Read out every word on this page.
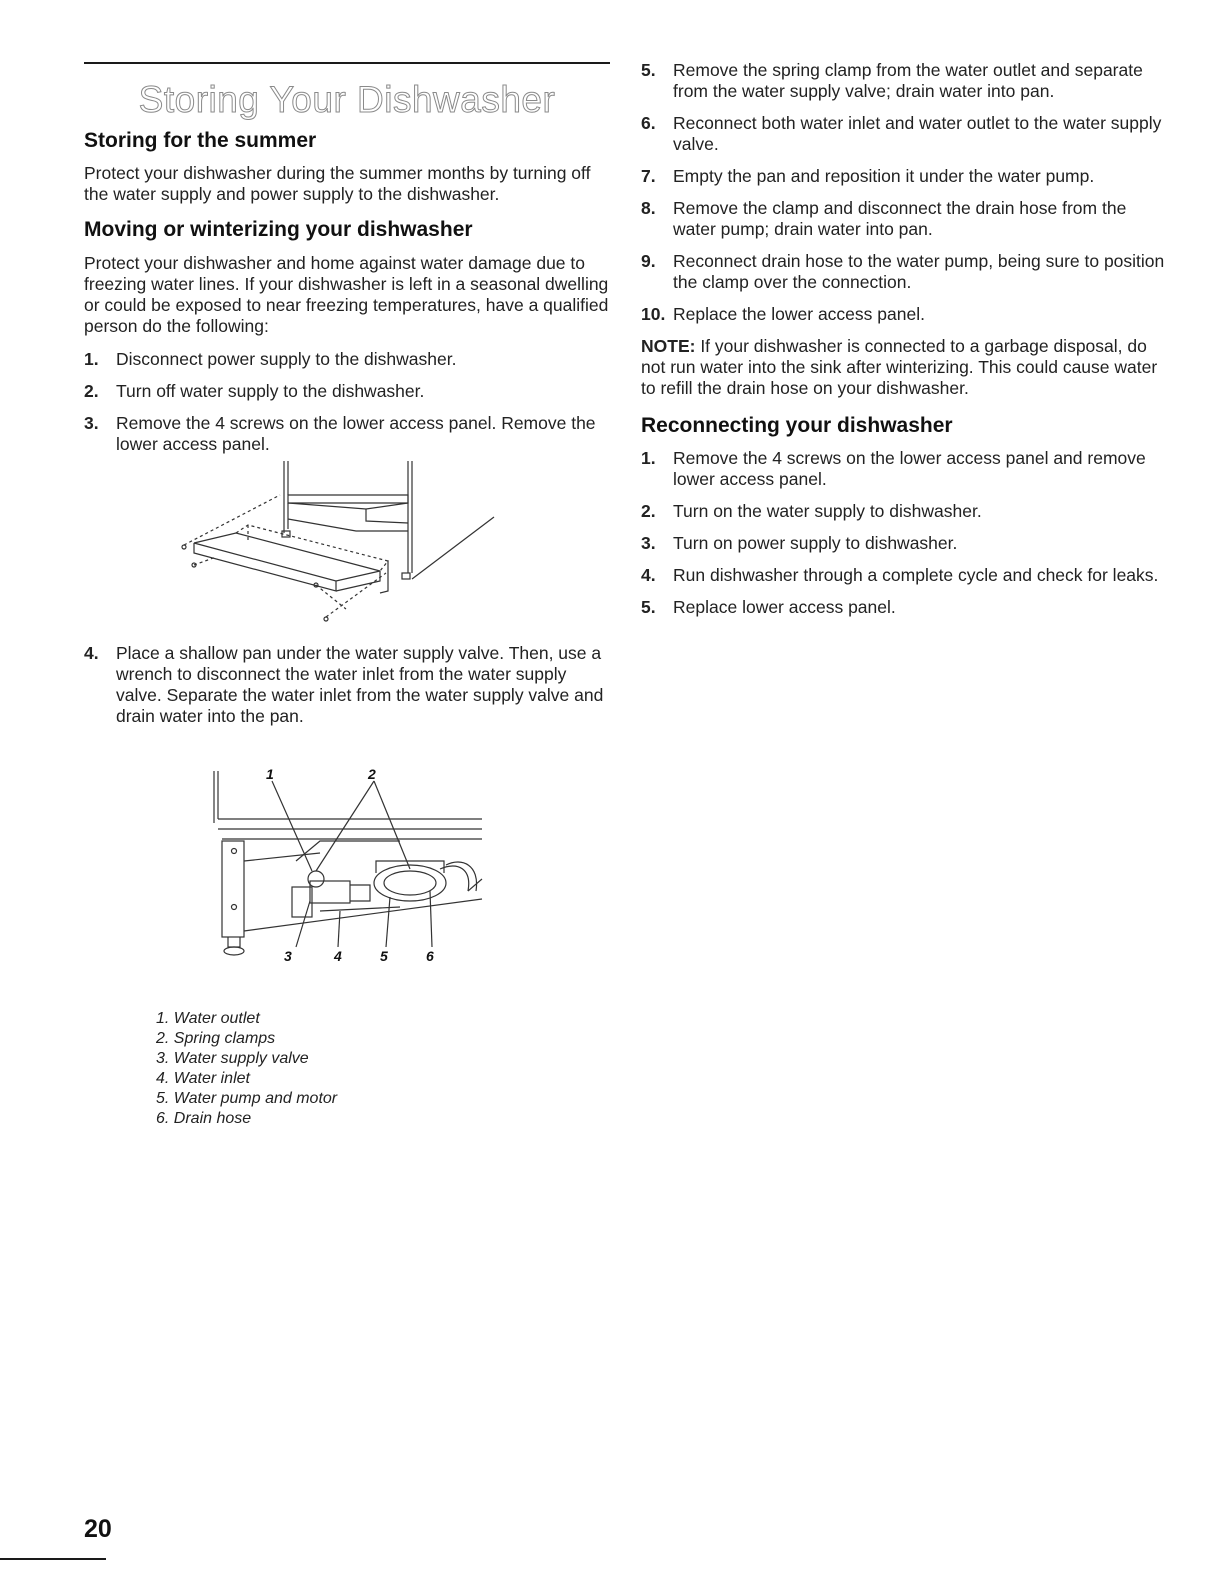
Storing Your Dishwasher
Storing for the summer

Protect your dishwasher during the summer months by turning off the water supply and power supply to the dishwasher.

Moving or winterizing your dishwasher

Protect your dishwasher and home against water damage due to freezing water lines. If your dishwasher is left in a seasonal dwelling or could be exposed to near freezing temperatures, have a qualified person do the following:

1. Disconnect power supply to the dishwasher.
2. Turn off water supply to the dishwasher.
3. Remove the 4 screws on the lower access panel. Remove the lower access panel.
4. Place a shallow pan under the water supply valve. Then, use a wrench to disconnect the water inlet from the water supply valve. Separate the water inlet from the water supply valve and drain water into the pan.
1	2
3	4	5	6
1. Water outlet
2. Spring clamps
3. Water supply valve
4. Water inlet
5. Water pump and motor
6. Drain hose
5. Remove the spring clamp from the water outlet and separate from the water supply valve; drain water into pan.
6. Reconnect both water inlet and water outlet to the water supply valve.
7. Empty the pan and reposition it under the water pump.
8. Remove the clamp and disconnect the drain hose from the water pump; drain water into pan.
9. Reconnect drain hose to the water pump, being sure to position the clamp over the connection.
10. Replace the lower access panel.

NOTE: If your dishwasher is connected to a garbage disposal, do not run water into the sink after winterizing. This could cause water to refill the drain hose on your dishwasher.

Reconnecting your dishwasher
1. Remove the 4 screws on the lower access panel and remove lower access panel.
2. Turn on the water supply to dishwasher.
3. Turn on power supply to dishwasher.
4. Run dishwasher through a complete cycle and check for leaks.
5. Replace lower access panel.
20
